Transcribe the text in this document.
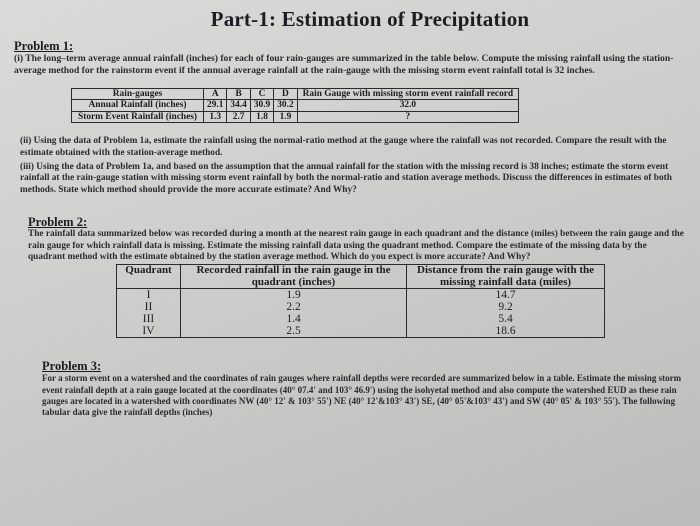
Part-1: Estimation of Precipitation
Problem 1:
(i) The long–term average annual rainfall (inches) for each of four rain-gauges are summarized in the table below. Compute the missing rainfall using the station-average method for the rainstorm event if the annual average rainfall at the rain-gauge with the missing storm event rainfall total is 32 inches.
Rain-gauges	A	B	C	D	Rain Gauge with missing storm event rainfall record
Annual Rainfall (inches)	29.1	34.4	30.9	30.2	32.0
Storm Event Rainfall (inches)	1.3	2.7	1.8	1.9	?
(ii) Using the data of Problem 1a, estimate the rainfall using the normal-ratio method at the gauge where the rainfall was not recorded. Compare the result with the estimate obtained with the station-average method.
(iii) Using the data of Problem 1a, and based on the assumption that the annual rainfall for the station with the missing record is 38 inches; estimate the storm event rainfall at the rain-gauge station with missing storm event rainfall by both the normal-ratio and station average methods. Discuss the differences in estimates of both methods. State which method should provide the more accurate estimate? And Why?
Problem 2:
The rainfall data summarized below was recorded during a month at the nearest rain gauge in each quadrant and the distance (miles) between the rain gauge and the rain gauge for which rainfall data is missing. Estimate the missing rainfall data using the quadrant method. Compare the estimate of the missing data by the quadrant method with the estimate obtained by the station average method. Which do you expect is more accurate? And Why?
Quadrant	Recorded rainfall in the rain gauge in the quadrant (inches)	Distance from the rain gauge with the missing rainfall data (miles)
I	1.9	14.7
II	2.2	9.2
III	1.4	5.4
IV	2.5	18.6
Problem 3:
For a storm event on a watershed and the coordinates of rain gauges where rainfall depths were recorded are summarized below in a table. Estimate the missing storm event rainfall depth at a rain gauge located at the coordinates (40° 07.4' and 103° 46.9') using the isohyetal method and also compute the watershed EUD as these rain gauges are located in a watershed with coordinates NW (40° 12' & 103° 55') NE (40° 12'&103° 43') SE, (40° 05'&103° 43') and SW (40° 05' & 103° 55'). The following tabular data give the rainfall depths (inches)
